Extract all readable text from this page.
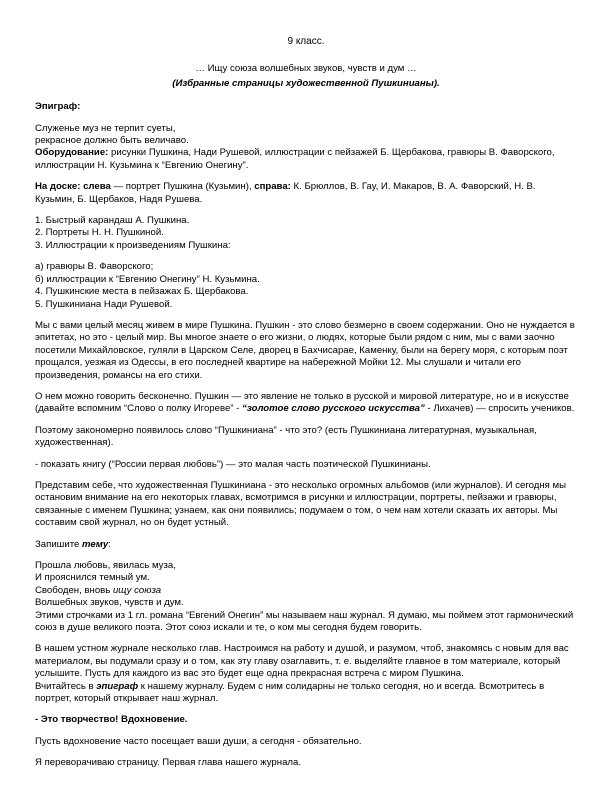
9 класс.

… Ищу союза волшебных звуков, чувств и дум …

(Избранные страницы художественной Пушкинианы).

Эпиграф:

Служенье муз не терпит суеты,

рекрасное должно быть величаво.

Оборудование: рисунки Пушкина, Нади Рушевой, иллюстрации с пейзажей Б. Щербакова, гравюры В. Фаворского, иллюстрации Н. Кузьмина к “Евгению Онегину”.

На доске: слева — портрет Пушкина (Кузьмин), справа: К. Брюллов, В. Гау, И. Макаров, В. А. Фаворский, Н. В. Кузьмин, Б. Щербаков, Надя Рушева.

1. Быстрый карандаш А. Пушкина.

2. Портреты Н. Н. Пушкиной.

3. Иллюстрации к произведениям Пушкина:

а) гравюры В. Фаворского;

б) иллюстрации к “Евгению Онегину” Н. Кузьмина.

4. Пушкинские места в пейзажах Б. Щербакова.

5. Пушкиниана Нади Рушевой.

Мы с вами целый месяц живем в мире Пушкина. Пушкин - это слово безмерно в своем содержании. Оно не нуждается в эпитетах, но это - целый мир. Вы многое знаете о его жизни, о людях, которые были рядом с ним, мы с вами заочно посетили Михайловское, гуляли в Царском Селе, дворец в Бахчисарае, Каменку, были на берегу моря, с которым поэт прощался, уезжая из Одессы, в его последней квартире на набережной Мойки 12. Мы слушали и читали его произведения, романсы на его стихи.

О нем можно говорить бесконечно. Пушкин — это явление не только в русской и мировой литературе, но и в искусстве (давайте вспомним “Слово о полку Игореве” - “золотое слово русского искусства” - Лихачев) — спросить учеников.

Поэтому закономерно появилось слово “Пушкиниана” - что это? (есть Пушкиниана литературная, музыкальная, художественная).

- показать книгу (“России первая любовь”) — это малая часть поэтической Пушкинианы.

Представим себе, что художественная Пушкиниана - это несколько огромных альбомов (или журналов). И сегодня мы остановим внимание на его некоторых главах, всмотримся в рисунки и иллюстрации, портреты, пейзажи и гравюры, связанные с именем Пушкина; узнаем, как они появились; подумаем о том, о чем нам хотели сказать их авторы. Мы составим свой журнал, но он будет устный.

Запишите тему:

Прошла любовь, явилась муза,

И прояснился темный ум.

Свободен, вновь ищу союза

Волшебных звуков, чувств и дум.

Этими строчками из 1 гл. романа “Евгений Онегин” мы называем наш журнал. Я думаю, мы поймем этот гармонический союз в душе великого поэта. Этот союз искали и те, о ком мы сегодня будем говорить.

В нашем устном журнале несколько глав. Настроимся на работу и душой, и разумом, чтоб, знакомясь с новым для вас материалом, вы подумали сразу и о том, как эту главу озаглавить, т. е. выделяйте главное в том материале, который услышите. Пусть для каждого из вас это будет еще одна прекрасная встреча с миром Пушкина.

Вчитайтесь в эпиграф к нашему журналу. Будем с ним солидарны не только сегодня, но и всегда. Всмотритесь в портрет, который открывает наш журнал.

- Это творчество! Вдохновение.

Пусть вдохновение часто посещает ваши души, а сегодня - обязательно.

Я переворачиваю страницу. Первая глава нашего журнала.
